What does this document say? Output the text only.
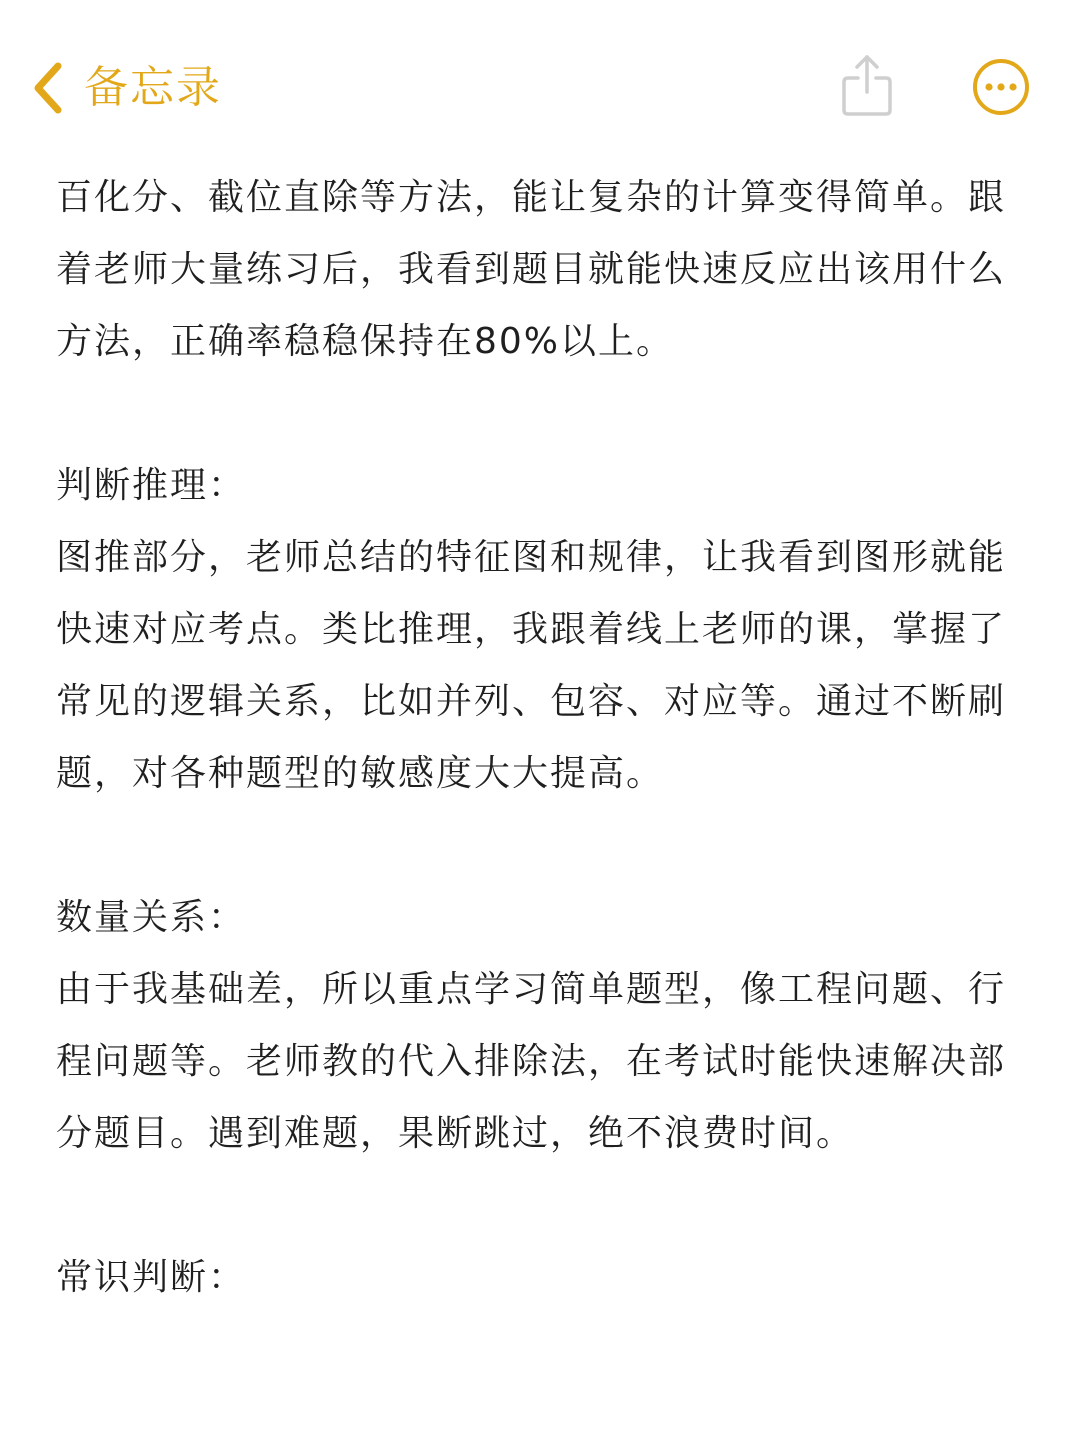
备忘录

百化分、截位直除等方法，能让复杂的计算变得简单。跟着老师大量练习后，我看到题目就能快速反应出该用什么方法，正确率稳稳保持在80%以上。

判断推理：

图推部分，老师总结的特征图和规律，让我看到图形就能快速对应考点。类比推理，我跟着线上老师的课，掌握了常见的逻辑关系，比如并列、包容、对应等。通过不断刷题，对各种题型的敏感度大大提高。

数量关系：

由于我基础差，所以重点学习简单题型，像工程问题、行程问题等。老师教的代入排除法，在考试时能快速解决部分题目。遇到难题，果断跳过，绝不浪费时间。

常识判断：
